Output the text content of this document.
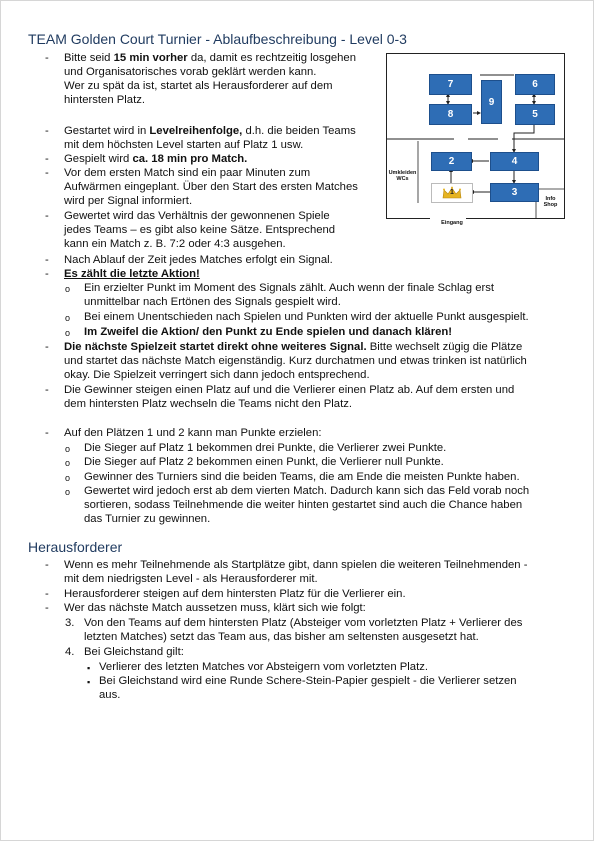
TEAM Golden Court Turnier - Ablaufbeschreibung - Level 0-3
7
8
9
6
5
2	4
3
1
Umkleiden
WCs
Info
Shop
Eingang
-	Bitte seid 15 min vorher da, damit es rechtzeitig losgehen
und Organisatorisches vorab geklärt werden kann.
Wer zu spät da ist, startet als Herausforderer auf dem
hintersten Platz.
-	Gestartet wird in Levelreihenfolge, d.h. die beiden Teams
mit dem höchsten Level starten auf Platz 1 usw.
-	Gespielt wird ca. 18 min pro Match.
-	Vor dem ersten Match sind ein paar Minuten zum
Aufwärmen eingeplant. Über den Start des ersten Matches
wird per Signal informiert.
-	Gewertet wird das Verhältnis der gewonnenen Spiele
jedes Teams – es gibt also keine Sätze. Entsprechend
kann ein Match z. B. 7:2 oder 4:3 ausgehen.
-	Nach Ablauf der Zeit jedes Matches erfolgt ein Signal.
-	Es zählt die letzte Aktion!
o Ein erzielter Punkt im Moment des Signals zählt. Auch wenn der finale Schlag erst
unmittelbar nach Ertönen des Signals gespielt wird.
o Bei einem Unentschieden nach Spielen und Punkten wird der aktuelle Punkt ausgespielt.
o Im Zweifel die Aktion/ den Punkt zu Ende spielen und danach klären!
-	Die nächste Spielzeit startet direkt ohne weiteres Signal. Bitte wechselt zügig die Plätze
und startet das nächste Match eigenständig. Kurz durchatmen und etwas trinken ist natürlich
okay. Die Spielzeit verringert sich dann jedoch entsprechend.
-	Die Gewinner steigen einen Platz auf und die Verlierer einen Platz ab. Auf dem ersten und
dem hintersten Platz wechseln die Teams nicht den Platz.
-	Auf den Plätzen 1 und 2 kann man Punkte erzielen:
o Die Sieger auf Platz 1 bekommen drei Punkte, die Verlierer zwei Punkte.
o Die Sieger auf Platz 2 bekommen einen Punkt, die Verlierer null Punkte.
o Gewinner des Turniers sind die beiden Teams, die am Ende die meisten Punkte haben.
o Gewertet wird jedoch erst ab dem vierten Match. Dadurch kann sich das Feld vorab noch
sortieren, sodass Teilnehmende die weiter hinten gestartet sind auch die Chance haben
das Turnier zu gewinnen.
Herausforderer
-	Wenn es mehr Teilnehmende als Startplätze gibt, dann spielen die weiteren Teilnehmenden -
mit dem niedrigsten Level - als Herausforderer mit.
-	Herausforderer steigen auf dem hintersten Platz für die Verlierer ein.
-	Wer das nächste Match aussetzen muss, klärt sich wie folgt:
3. Von den Teams auf dem hintersten Platz (Absteiger vom vorletzten Platz + Verlierer des
letzten Matches) setzt das Team aus, das bisher am seltensten ausgesetzt hat.
4. Bei Gleichstand gilt:
▪ Verlierer des letzten Matches vor Absteigern vom vorletzten Platz.
▪ Bei Gleichstand wird eine Runde Schere-Stein-Papier gespielt - die Verlierer setzen
aus.
